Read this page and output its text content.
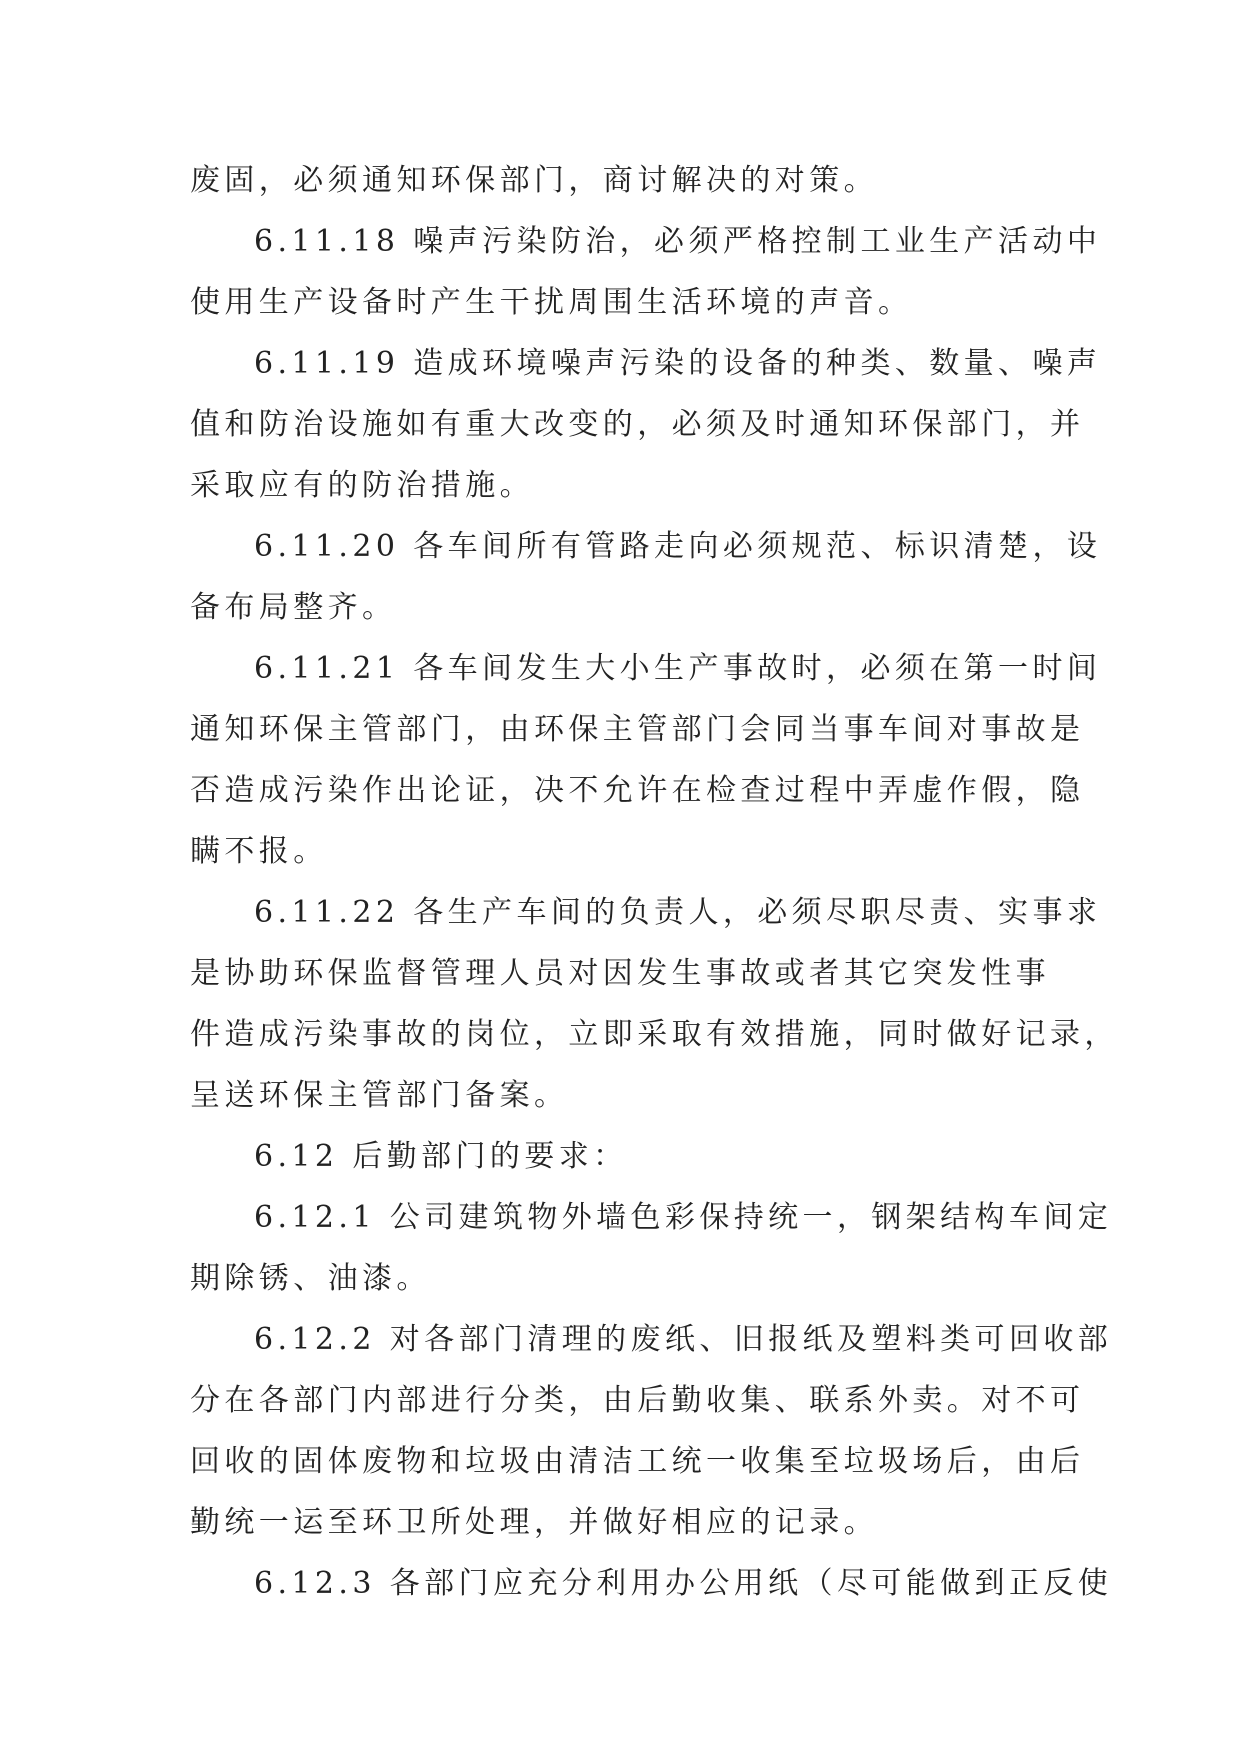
废固，必须通知环保部门，商讨解决的对策。
6.11.18 噪声污染防治，必须严格控制工业生产活动中
使用生产设备时产生干扰周围生活环境的声音。
6.11.19 造成环境噪声污染的设备的种类、数量、噪声
值和防治设施如有重大改变的，必须及时通知环保部门，并
采取应有的防治措施。
6.11.20 各车间所有管路走向必须规范、标识清楚，设
备布局整齐。
6.11.21 各车间发生大小生产事故时，必须在第一时间
通知环保主管部门，由环保主管部门会同当事车间对事故是
否造成污染作出论证，决不允许在检查过程中弄虚作假，隐
瞒不报。
6.11.22 各生产车间的负责人，必须尽职尽责、实事求
是协助环保监督管理人员对因发生事故或者其它突发性事
件造成污染事故的岗位，立即采取有效措施，同时做好记录，
呈送环保主管部门备案。
6.12 后勤部门的要求：
6.12.1 公司建筑物外墙色彩保持统一，钢架结构车间定
期除锈、油漆。
6.12.2 对各部门清理的废纸、旧报纸及塑料类可回收部
分在各部门内部进行分类，由后勤收集、联系外卖。对不可
回收的固体废物和垃圾由清洁工统一收集至垃圾场后，由后
勤统一运至环卫所处理，并做好相应的记录。
6.12.3 各部门应充分利用办公用纸（尽可能做到正反使
